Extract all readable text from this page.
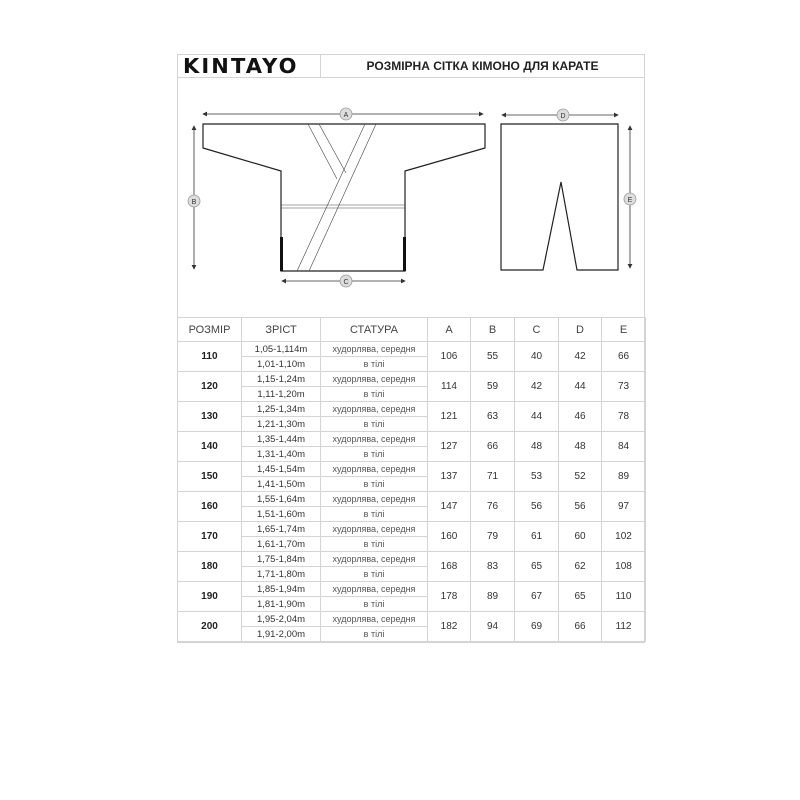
KINTAYO	РОЗМІРНА СІТКА КІМОНО ДЛЯ КАРАТЕ
A
B
C
D
E
РОЗМІР	ЗРІСТ	СТАТУРА	A	B	C	D	E
110	1,05-1,114m	худорлява, середня	106	55	40	42	66
	1,01-1,10m	в тілі					
120	1,15-1,24m	худорлява, середня	114	59	42	44	73
	1,11-1,20m	в тілі					
130	1,25-1,34m	худорлява, середня	121	63	44	46	78
	1,21-1,30m	в тілі					
140	1,35-1,44m	худорлява, середня	127	66	48	48	84
	1,31-1,40m	в тілі					
150	1,45-1,54m	худорлява, середня	137	71	53	52	89
	1,41-1,50m	в тілі					
160	1,55-1,64m	худорлява, середня	147	76	56	56	97
	1,51-1,60m	в тілі					
170	1,65-1,74m	худорлява, середня	160	79	61	60	102
	1,61-1,70m	в тілі					
180	1,75-1,84m	худорлява, середня	168	83	65	62	108
	1,71-1,80m	в тілі					
190	1,85-1,94m	худорлява, середня	178	89	67	65	110
	1,81-1,90m	в тілі					
200	1,95-2,04m	худорлява, середня	182	94	69	66	112
	1,91-2,00m	в тілі					
